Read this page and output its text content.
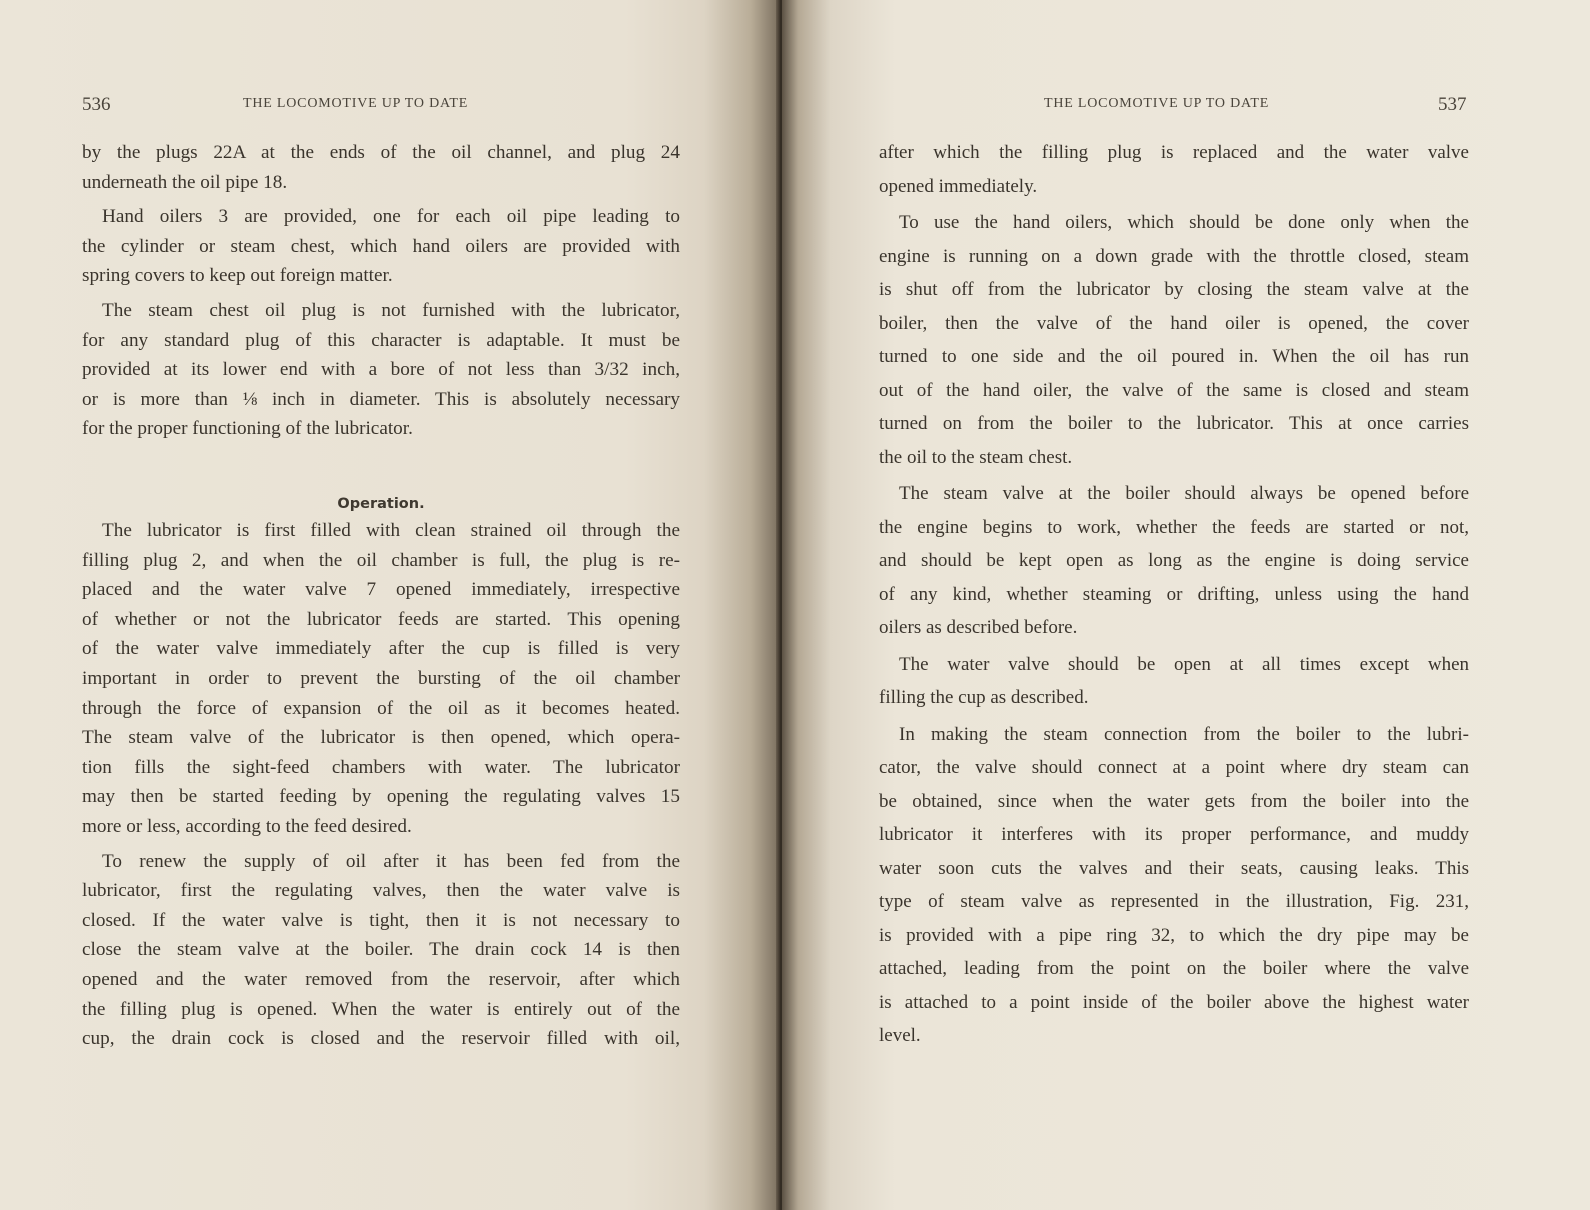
536	THE LOCOMOTIVE UP TO DATE

by the plugs 22A at the ends of the oil channel, and plug 24
underneath the oil pipe 18.

Hand oilers 3 are provided, one for each oil pipe leading to
the cylinder or steam chest, which hand oilers are provided with
spring covers to keep out foreign matter.

The steam chest oil plug is not furnished with the lubricator,
for any standard plug of this character is adaptable. It must be
provided at its lower end with a bore of not less than 3/32 inch,
or is more than ⅛ inch in diameter. This is absolutely necessary
for the proper functioning of the lubricator.

Operation.

The lubricator is first filled with clean strained oil through the
filling plug 2, and when the oil chamber is full, the plug is re-
placed and the water valve 7 opened immediately, irrespective
of whether or not the lubricator feeds are started. This opening
of the water valve immediately after the cup is filled is very
important in order to prevent the bursting of the oil chamber
through the force of expansion of the oil as it becomes heated.
The steam valve of the lubricator is then opened, which opera-
tion fills the sight-feed chambers with water. The lubricator
may then be started feeding by opening the regulating valves 15
more or less, according to the feed desired.

To renew the supply of oil after it has been fed from the
lubricator, first the regulating valves, then the water valve is
closed. If the water valve is tight, then it is not necessary to
close the steam valve at the boiler. The drain cock 14 is then
opened and the water removed from the reservoir, after which
the filling plug is opened. When the water is entirely out of the
cup, the drain cock is closed and the reservoir filled with oil,

THE LOCOMOTIVE UP TO DATE	537

after which the filling plug is replaced and the water valve
opened immediately.

To use the hand oilers, which should be done only when the
engine is running on a down grade with the throttle closed, steam
is shut off from the lubricator by closing the steam valve at the
boiler, then the valve of the hand oiler is opened, the cover
turned to one side and the oil poured in. When the oil has run
out of the hand oiler, the valve of the same is closed and steam
turned on from the boiler to the lubricator. This at once carries
the oil to the steam chest.

The steam valve at the boiler should always be opened before
the engine begins to work, whether the feeds are started or not,
and should be kept open as long as the engine is doing service
of any kind, whether steaming or drifting, unless using the hand
oilers as described before.

The water valve should be open at all times except when
filling the cup as described.

In making the steam connection from the boiler to the lubri-
cator, the valve should connect at a point where dry steam can
be obtained, since when the water gets from the boiler into the
lubricator it interferes with its proper performance, and muddy
water soon cuts the valves and their seats, causing leaks. This
type of steam valve as represented in the illustration, Fig. 231,
is provided with a pipe ring 32, to which the dry pipe may be
attached, leading from the point on the boiler where the valve
is attached to a point inside of the boiler above the highest water
level.
